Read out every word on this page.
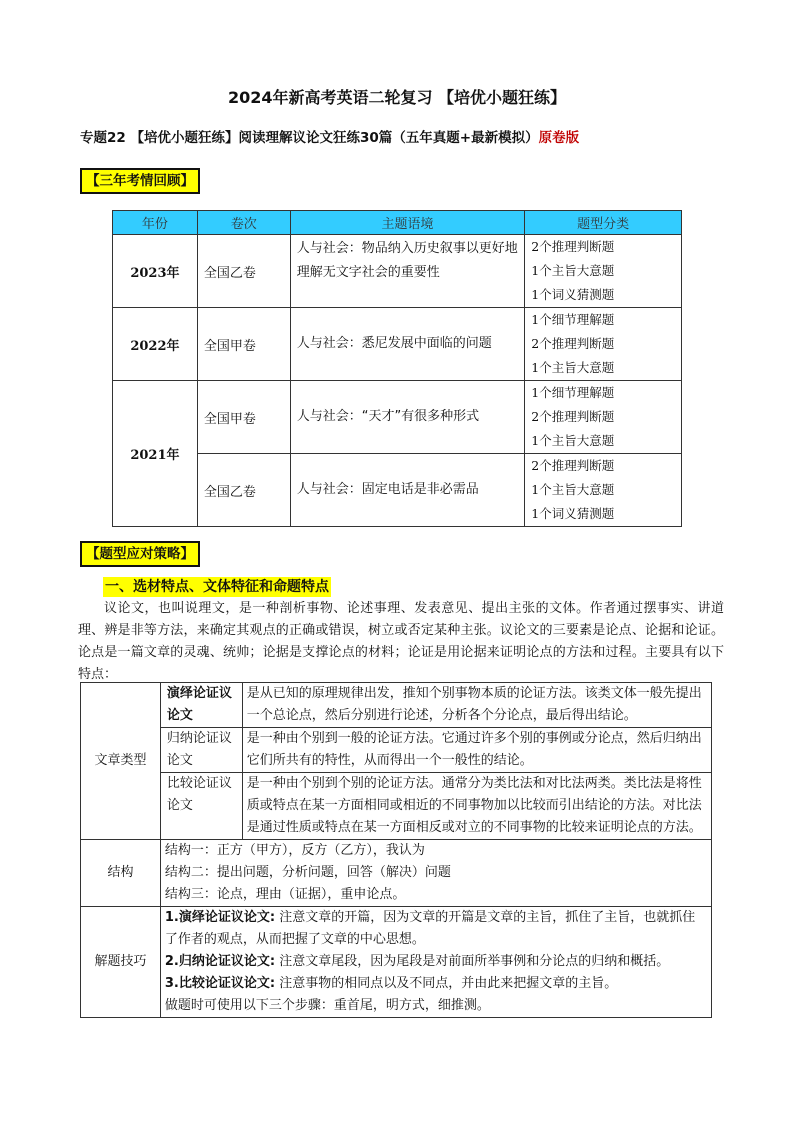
2024年新高考英语二轮复习 【培优小题狂练】
专题22 【培优小题狂练】阅读理解议论文狂练30篇（五年真题+最新模拟）原卷版
【三年考情回顾】
年份	卷次	主题语境	题型分类
2023年	全国乙卷	人与社会：物品纳入历史叙事以更好地理解无文字社会的重要性	2个推理判断题
1个主旨大意题
1个词义猜测题

2022年	全国甲卷	人与社会：悉尼发展中面临的问题	1个细节理解题
2个推理判断题
1个主旨大意题

2021年	全国甲卷	人与社会：“天才”有很多种形式	1个细节理解题
2个推理判断题
1个主旨大意题

	全国乙卷	人与社会：固定电话是非必需品	2个推理判断题
1个主旨大意题
1个词义猜测题
【题型应对策略】
一、选材特点、文体特征和命题特点
议论文，也叫说理文，是一种剖析事物、论述事理、发表意见、提出主张的文体。作者通过摆事实、讲道理、辨是非等方法，来确定其观点的正确或错误，树立或否定某种主张。议论文的三要素是论点、论据和论证。论点是一篇文章的灵魂、统帅；论据是支撑论点的材料；论证是用论据来证明论点的方法和过程。主要具有以下特点：
文章类型	演绎论证议论文	是从已知的原理规律出发，推知个别事物本质的论证方法。该类文体一般先提出一个总论点，然后分别进行论述，分析各个分论点，最后得出结论。
	归纳论证议论文	是一种由个别到一般的论证方法。它通过许多个别的事例或分论点，然后归纳出它们所共有的特性，从而得出一个一般性的结论。
	比较论证议论文	是一种由个别到个别的论证方法。通常分为类比法和对比法两类。类比法是将性质或特点在某一方面相同或相近的不同事物加以比较而引出结论的方法。对比法是通过性质或特点在某一方面相反或对立的不同事物的比较来证明论点的方法。
结构	结构一：正方（甲方），反方（乙方），我认为
结构二：提出问题，分析问题，回答（解决）问题
结构三：论点，理由（证据），重申论点。	

解题技巧	1.演绎论证议论文: 注意文章的开篇，因为文章的开篇是文章的主旨，抓住了主旨，也就抓住了作者的观点，从而把握了文章的中心思想。
2.归纳论证议论文: 注意文章尾段，因为尾段是对前面所举事例和分论点的归纳和概括。
3.比较论证议论文: 注意事物的相同点以及不同点，并由此来把握文章的主旨。
做题时可使用以下三个步骤：重首尾，明方式，细推测。	
